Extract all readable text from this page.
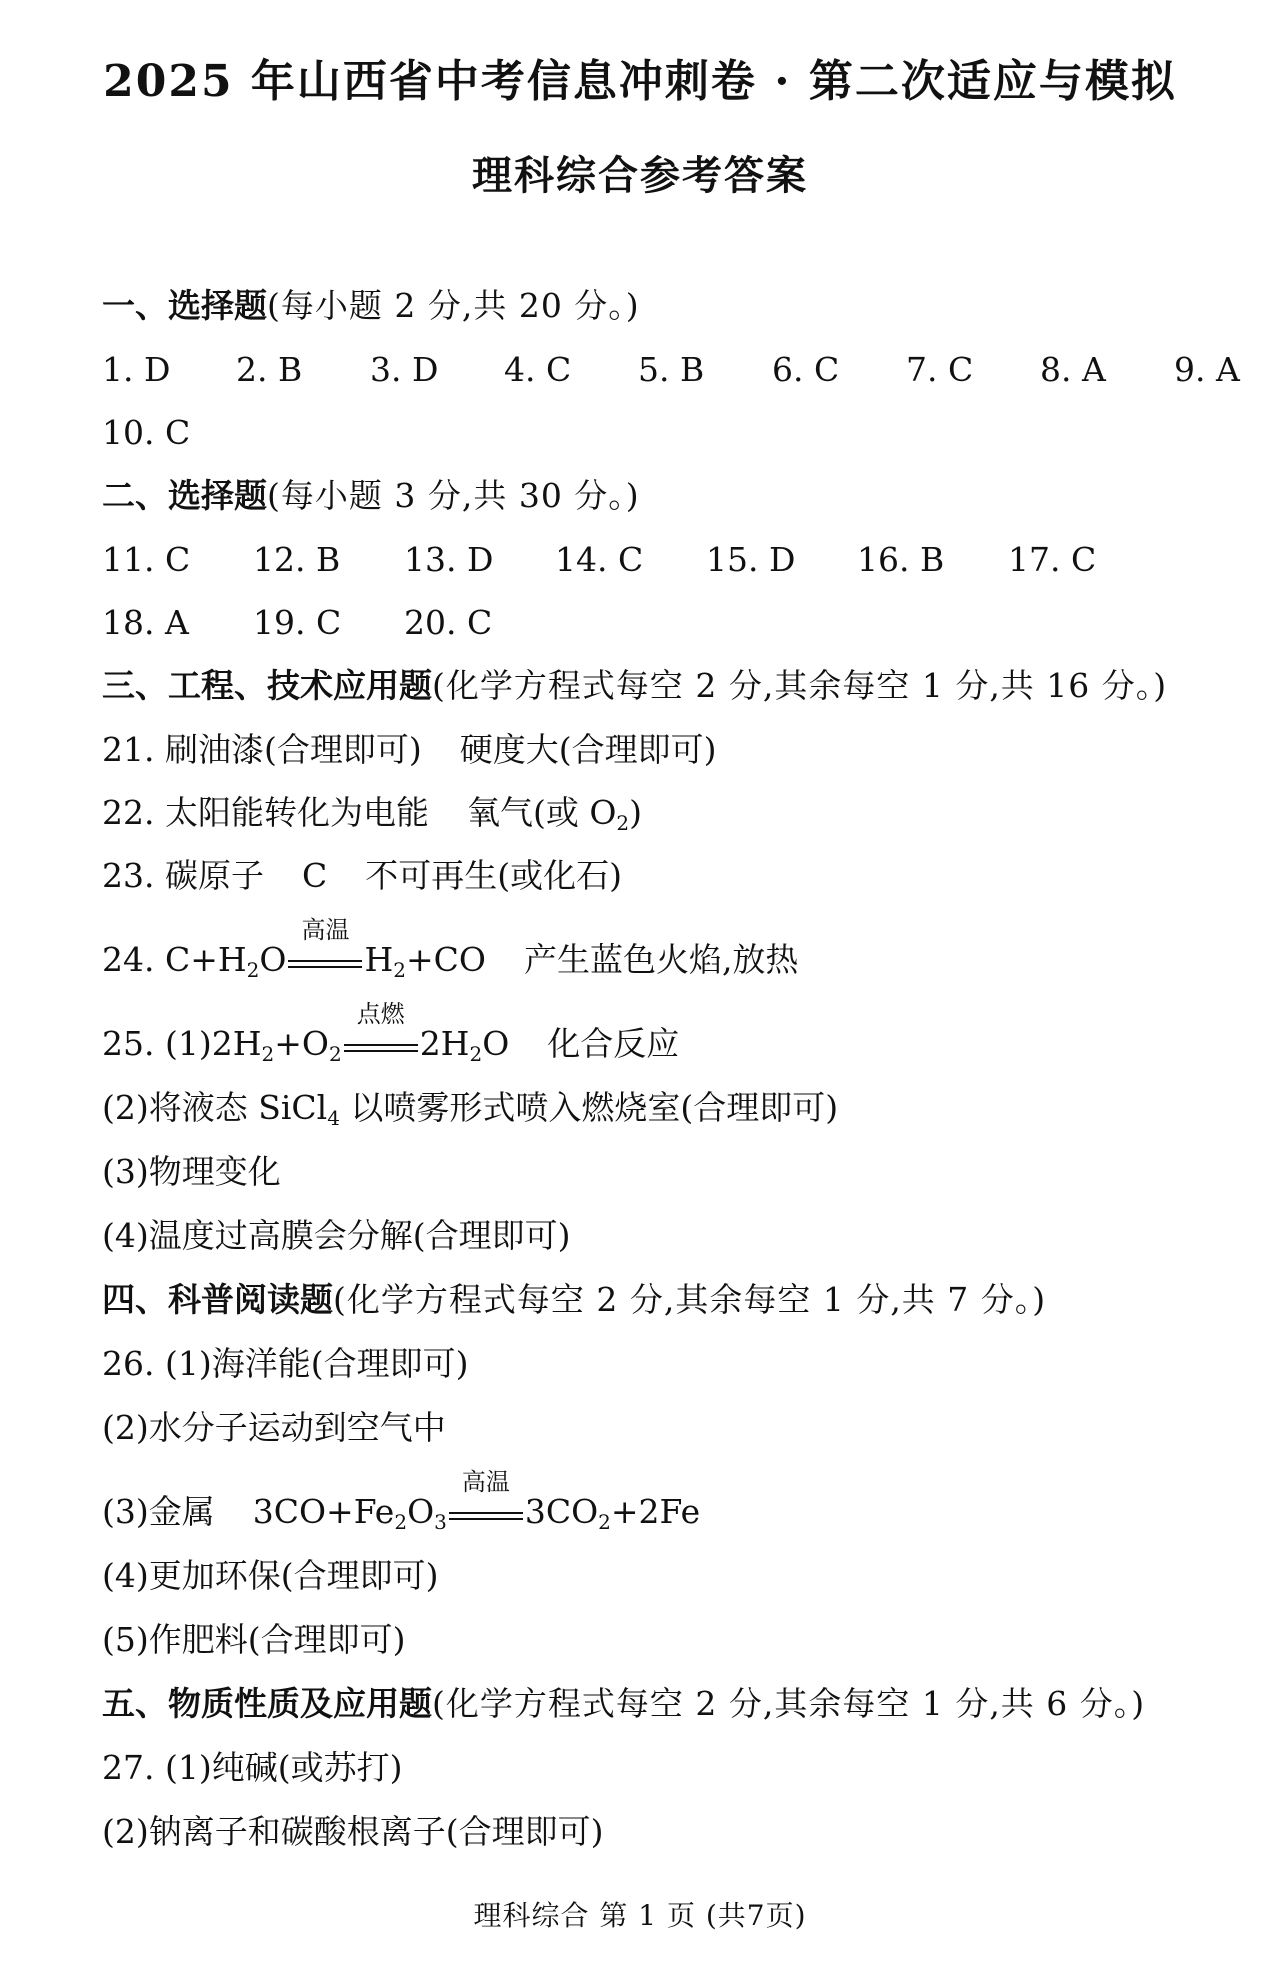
2025 年山西省中考信息冲刺卷 · 第二次适应与模拟
理科综合参考答案
一、选择题(每小题 2 分,共 20 分。)
1. D 2. B 3. D 4. C 5. B 6. C 7. C 8. A 9. A
10. C
二、选择题(每小题 3 分,共 30 分。)
11. C 12. B 13. D 14. C 15. D 16. B 17. C
18. A 19. C 20. C
三、工程、技术应用题(化学方程式每空 2 分,其余每空 1 分,共 16 分。)
21. 刷油漆(合理即可) 硬度大(合理即可)
22. 太阳能转化为电能 氧气(或 $O_2$)
23. 碳原子 C 不可再生(或化石)
24. $C+H_2O$
高温
$H_2+CO$ 产生蓝色火焰,放热
25. $(1)2H_2+O_2$
点燃
$2H_2O$ 化合反应
(2)将液态 SiCl$_4$ 以喷雾形式喷入燃烧室(合理即可)
(3)物理变化
(4)温度过高膜会分解(合理即可)
四、科普阅读题(化学方程式每空 2 分,其余每空 1 分,共 7 分。)
26. (1)海洋能(合理即可)
(2)水分子运动到空气中
(3)金属 $3CO+Fe_2O_3$
高温
$3CO_2+2Fe$
(4)更加环保(合理即可)
(5)作肥料(合理即可)
五、物质性质及应用题(化学方程式每空 2 分,其余每空 1 分,共 6 分。)
27. (1)纯碱(或苏打)
(2)钠离子和碳酸根离子(合理即可)
理科综合 第 1 页 (共7页)
